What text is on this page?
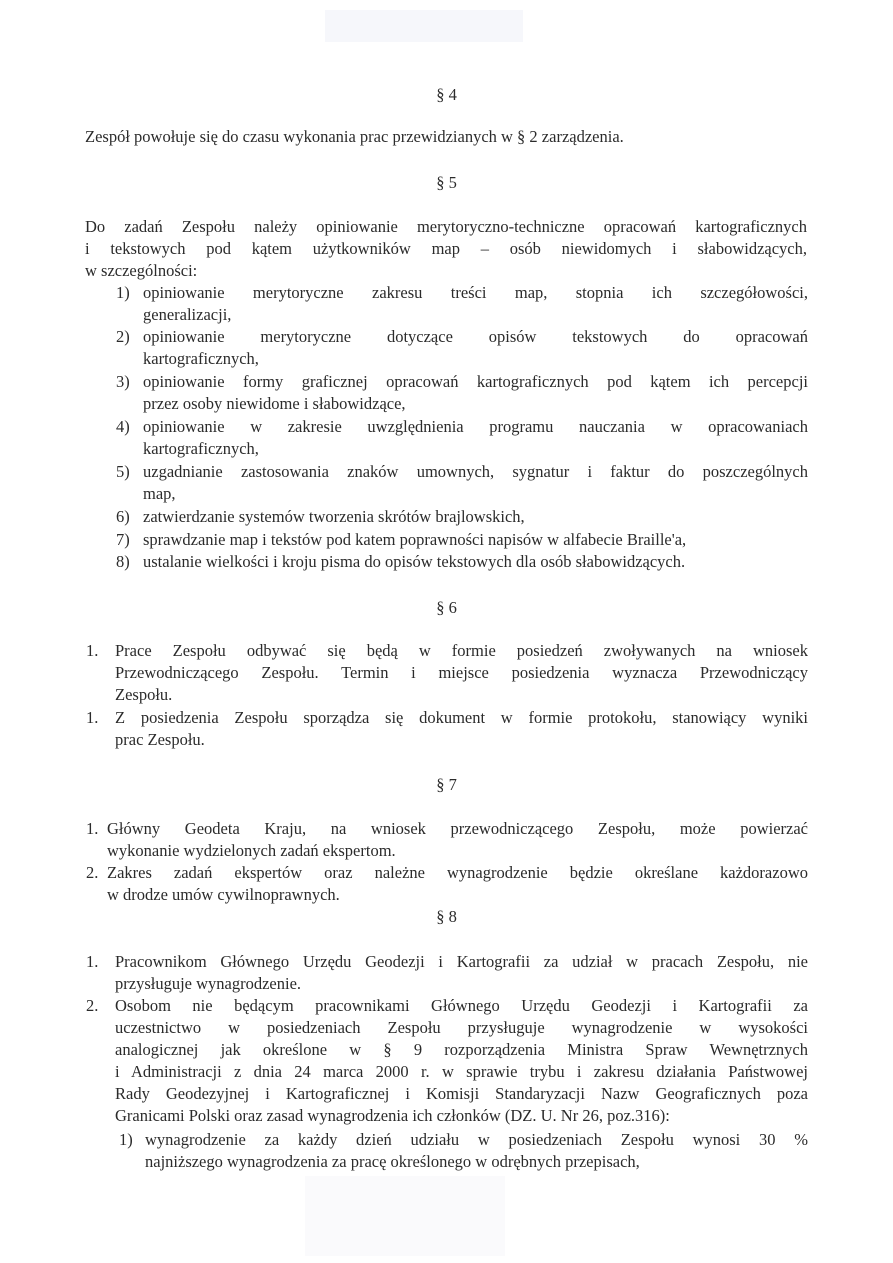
§ 4

Zespół powołuje się do czasu wykonania prac przewidzianych w § 2 zarządzenia.

§ 5
Do zadań Zespołu należy opiniowanie merytoryczno-techniczne opracowań kartograficznych
i tekstowych pod kątem użytkowników map – osób niewidomych i słabowidzących,
w szczególności:
1) opiniowanie merytoryczne zakresu treści map, stopnia ich szczegółowości,
generalizacji,
2) opiniowanie merytoryczne dotyczące opisów tekstowych do opracowań
kartograficznych,
3) opiniowanie formy graficznej opracowań kartograficznych pod kątem ich percepcji
przez osoby niewidome i słabowidzące,
4) opiniowanie w zakresie uwzględnienia programu nauczania w opracowaniach
kartograficznych,
5) uzgadnianie zastosowania znaków umownych, sygnatur i faktur do poszczególnych
map,
6) zatwierdzanie systemów tworzenia skrótów brajlowskich,
7) sprawdzanie map i tekstów pod katem poprawności napisów w alfabecie Braille'a,
8) ustalanie wielkości i kroju pisma do opisów tekstowych dla osób słabowidzących.
§ 6
1. Prace Zespołu odbywać się będą w formie posiedzeń zwoływanych na wniosek
Przewodniczącego Zespołu. Termin i miejsce posiedzenia wyznacza Przewodniczący
Zespołu.
1. Z posiedzenia Zespołu sporządza się dokument w formie protokołu, stanowiący wyniki
prac Zespołu.
§ 7
1. Główny Geodeta Kraju, na wniosek przewodniczącego Zespołu, może powierzać
wykonanie wydzielonych zadań ekspertom.
2. Zakres zadań ekspertów oraz należne wynagrodzenie będzie określane każdorazowo
w drodze umów cywilnoprawnych.
§ 8
1. Pracownikom Głównego Urzędu Geodezji i Kartografii za udział w pracach Zespołu, nie
przysługuje wynagrodzenie.
2. Osobom nie będącym pracownikami Głównego Urzędu Geodezji i Kartografii za
uczestnictwo w posiedzeniach Zespołu przysługuje wynagrodzenie w wysokości
analogicznej jak określone w § 9 rozporządzenia Ministra Spraw Wewnętrznych
i Administracji z dnia 24 marca 2000 r. w sprawie trybu i zakresu działania Państwowej
Rady Geodezyjnej i Kartograficznej i Komisji Standaryzacji Nazw Geograficznych poza
Granicami Polski oraz zasad wynagrodzenia ich członków (DZ. U. Nr 26, poz.316):
1) wynagrodzenie za każdy dzień udziału w posiedzeniach Zespołu wynosi 30 %
najniższego wynagrodzenia za pracę określonego w odrębnych przepisach,
